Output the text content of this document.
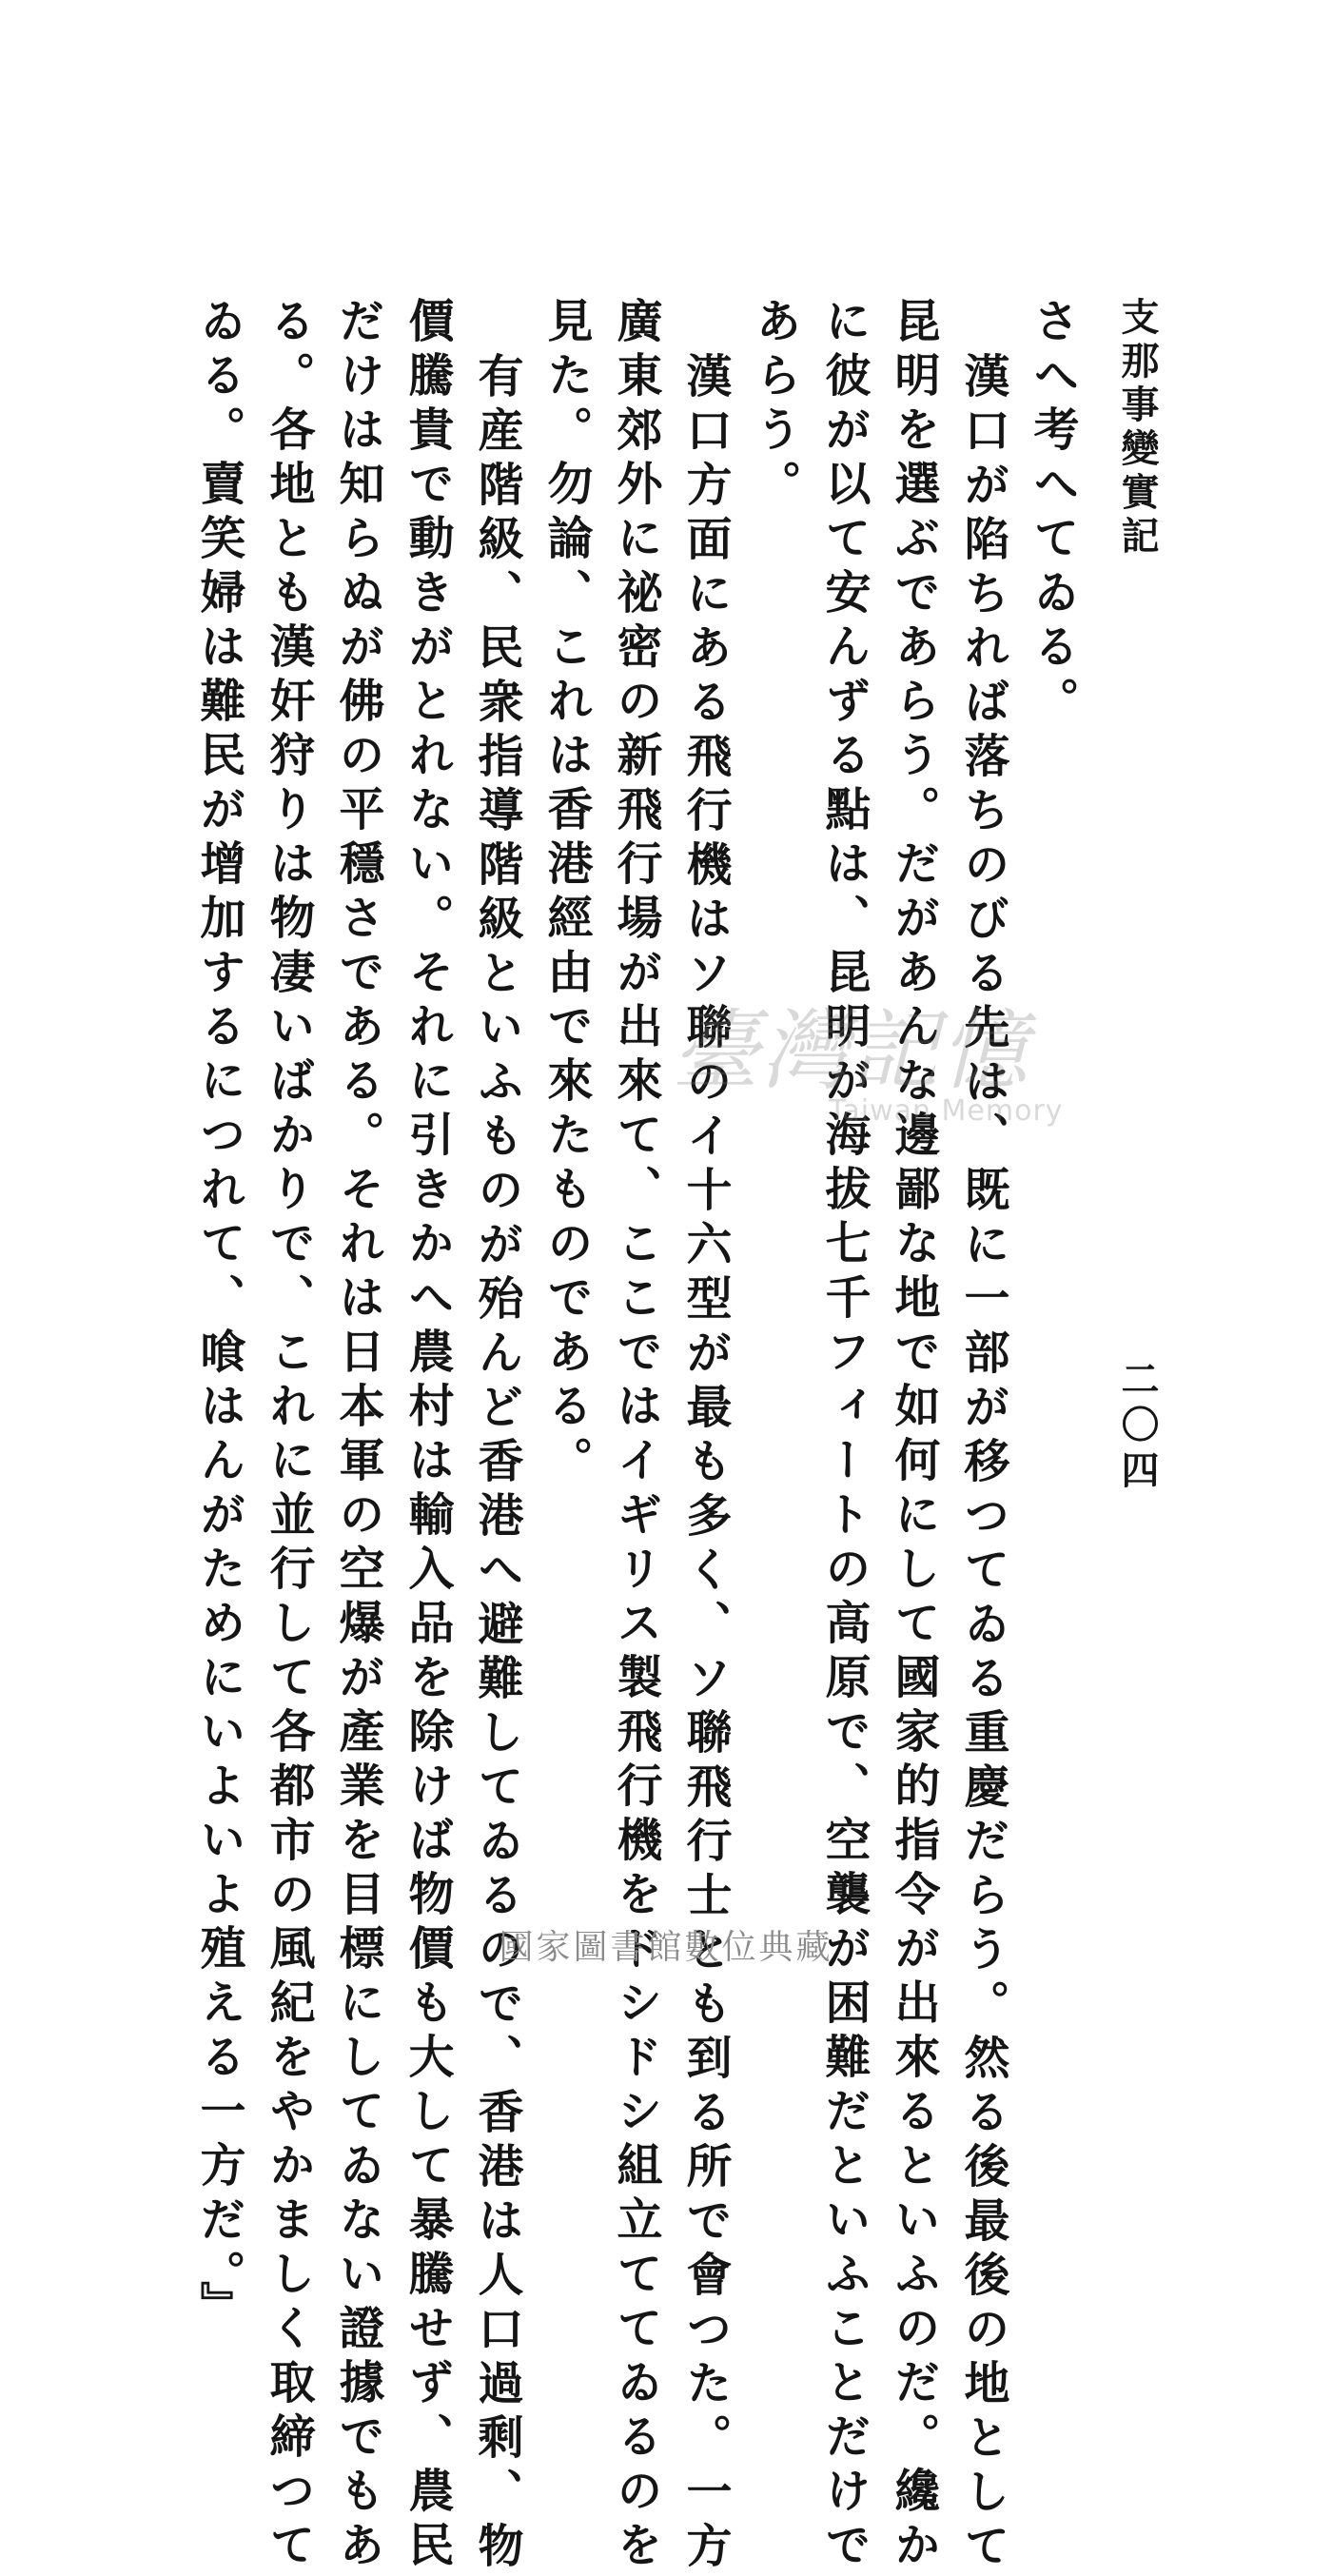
支那事變實記
二〇四

さへ考へてゐる。

漢口が陷ちれば落ちのびる先は、既に一部が移つてゐる重慶だらう。然る後最後の地として

昆明を選ぶであらう。だがあんな邊鄙な地で如何にして國家的指令が出來るといふのだ。纔か

に彼が以て安んずる點は、昆明が海拔七千フィートの高原で、空襲が困難だといふことだけで

あらう。

漢口方面にある飛行機はソ聯のイ十六型が最も多く、ソ聯飛行士とも到る所で會つた。一方

廣東郊外に祕密の新飛行場が出來て、ここではイギリス製飛行機をドシドシ組立ててゐるのを

見た。勿論、これは香港經由で來たものである。

有産階級、民衆指導階級といふものが殆んど香港へ避難してゐるので、香港は人口過剩、物

價騰貴で動きがとれない。それに引きかへ農村は輸入品を除けば物價も大して暴騰せず、農民

だけは知らぬが佛の平穩さである。それは日本軍の空爆が產業を目標にしてゐない證據でもあ

る。各地とも漢奸狩りは物凄いばかりで、これに並行して各都市の風紀をやかましく取締つて

ゐる。賣笑婦は難民が增加するにつれて、喰はんがためにいよいよ殖える一方だ。』	臺灣記憶
Taiwan Memory
國家圖書館數位典藏
